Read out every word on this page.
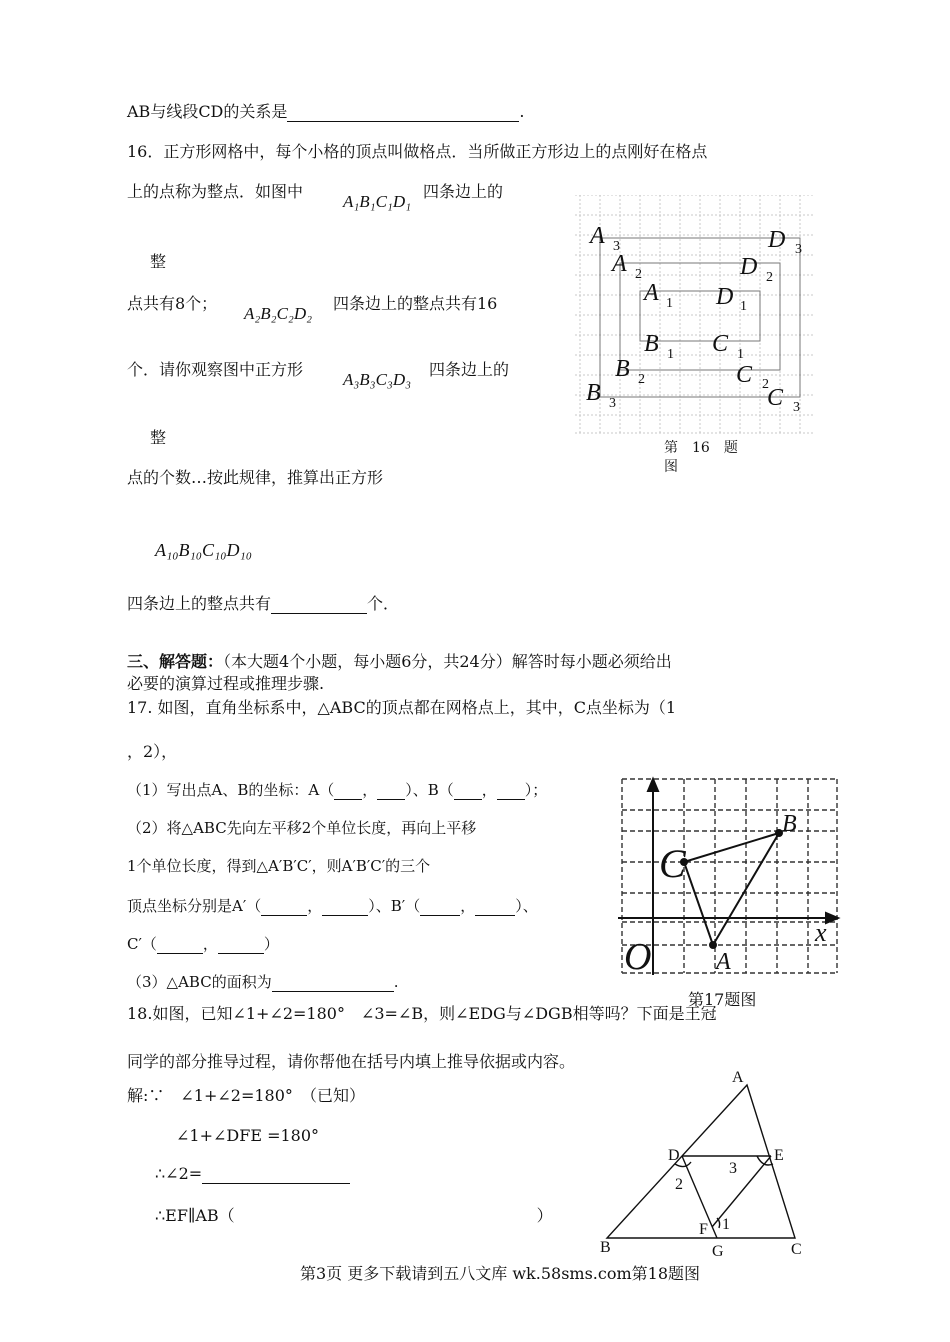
AB与线段CD的关系是	.
16．正方形网格中，每个小格的顶点叫做格点．当所做正方形边上的点刚好在格点
上的点称为整点．如图中
A₁B₁C₁D₁
四条边上的
整
点共有8个；
A₂B₂C₂D₂
四条边上的整点共有16
个．请你观察图中正方形
A₃B₃C₃D₃
四条边上的
整
点的个数…按此规律，推算出正方形
A₁₀B₁₀C₁₀D₁₀
四条边上的整点共有	个．
A 3	D 3
A 2	D 2
A 1 D 1
B 1 C 1
B 2	C 2
B 3	C 3
第　16　题
图
三、解答题：（本大题4个小题，每小题6分，共24分）解答时每小题必须给出
必要的演算过程或推理步骤.
17. 如图，直角坐标系中，△ABC的顶点都在网格点上，其中，C点坐标为（1
，2），
（1）写出点A、B的坐标：A（ ， ）、B（ ， ）；
（2）将△ABC先向左平移2个单位长度，再向上平移
1个单位长度，得到△A′B′C′，则A′B′C′的三个
顶点坐标分别是A′（	，	）、B′（	，	）、
C′（	，	）
（3）△ABC的面积为	.
B
C
A
x
O
第17题图
18.如图，已知∠1+∠2=180°　∠3=∠B，则∠EDG与∠DGB相等吗？下面是王冠
同学的部分推导过程，请你帮他在括号内填上推导依据或内容。
解:∵　∠1+∠2=180°　 （已知）
∠1+∠DFE =180°
∴∠2=
∴EF∥AB（	）
A
D	E
B	G	C
F 1
2
3
第3页 更多下载请到五八文库 wk.58sms.com第18题图
